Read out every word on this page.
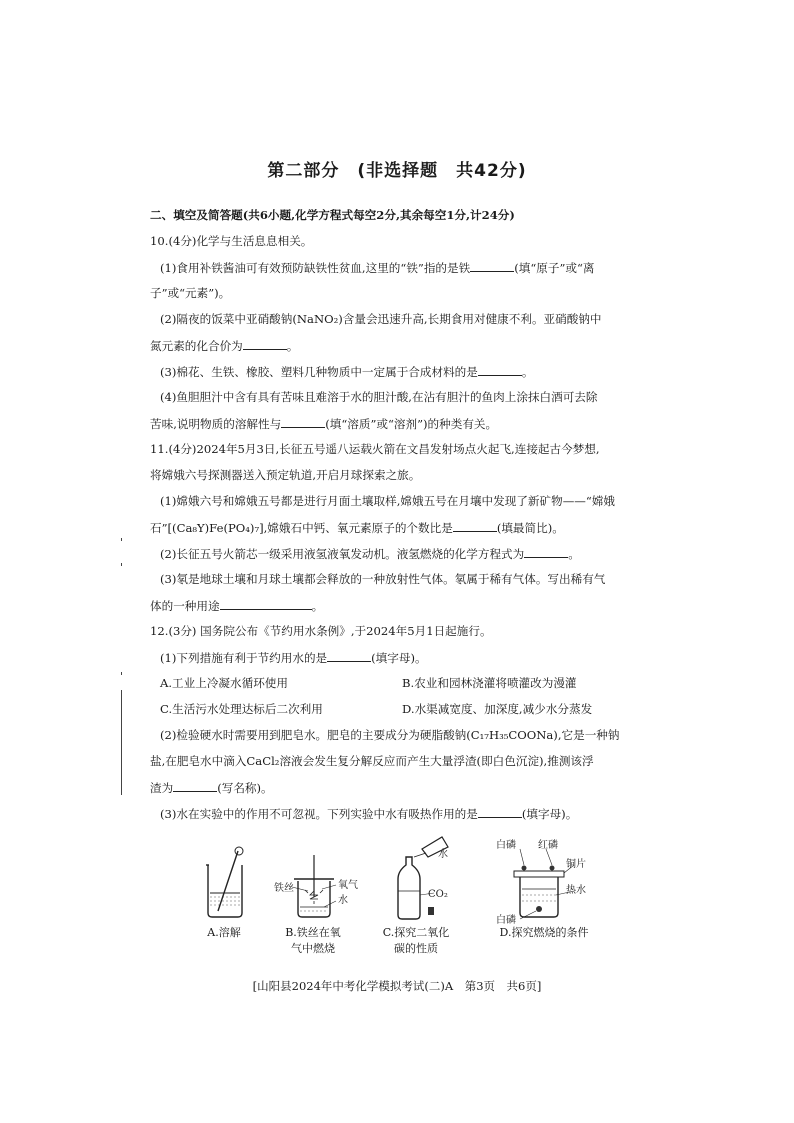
第二部分　(非选择题　共42分)
二、填空及简答题(共6小题,化学方程式每空2分,其余每空1分,计24分)
10.(4分)化学与生活息息相关。
(1)食用补铁酱油可有效预防缺铁性贫血,这里的“铁”指的是铁	(填“原子”或“离
子”或“元素”)。
(2)隔夜的饭菜中亚硝酸钠(NaNO₂)含量会迅速升高,长期食用对健康不利。亚硝酸钠中
氮元素的化合价为	。
(3)棉花、生铁、橡胶、塑料几种物质中一定属于合成材料的是	。
(4)鱼胆胆汁中含有具有苦味且难溶于水的胆汁酸,在沾有胆汁的鱼肉上涂抹白酒可去除
苦味,说明物质的溶解性与	(填“溶质”或“溶剂”)的种类有关。
11.(4分)2024年5月3日,长征五号遥八运载火箭在文昌发射场点火起飞,连接起古今梦想,
将嫦娥六号探测器送入预定轨道,开启月球探索之旅。
(1)嫦娥六号和嫦娥五号都是进行月面土壤取样,嫦娥五号在月壤中发现了新矿物——“嫦娥
石”[(Ca₈Y)Fe(PO₄)₇],嫦娥石中钙、氧元素原子的个数比是	(填最简比)。
(2)长征五号火箭芯一级采用液氢液氧发动机。液氢燃烧的化学方程式为	。
(3)氡是地球土壤和月球土壤都会释放的一种放射性气体。氡属于稀有气体。写出稀有气
体的一种用途	。
12.(3分) 国务院公布《节约用水条例》,于2024年5月1日起施行。
(1)下列措施有利于节约用水的是	(填字母)。
A.工业上冷凝水循环使用	B.农业和园林浇灌将喷灌改为漫灌
C.生活污水处理达标后二次利用	D.水渠减宽度、加深度,减少水分蒸发
(2)检验硬水时需要用到肥皂水。肥皂的主要成分为硬脂酸钠(C₁₇H₃₅COONa),它是一种钠
盐,在肥皂水中滴入CaCl₂溶液会发生复分解反应而产生大量浮渣(即白色沉淀),推测该浮
渣为	(写名称)。
(3)水在实验中的作用不可忽视。下列实验中水有吸热作用的是	(填字母)。
铁丝	氧气
水
水
CO₂
白磷 红磷
铜片
热水
白磷
A.溶解	B.铁丝在氧
气中燃烧
C.探究二氧化
碳的性质
D.探究燃烧的条件
[山阳县2024年中考化学模拟考试(二)A　第3页　共6页]
